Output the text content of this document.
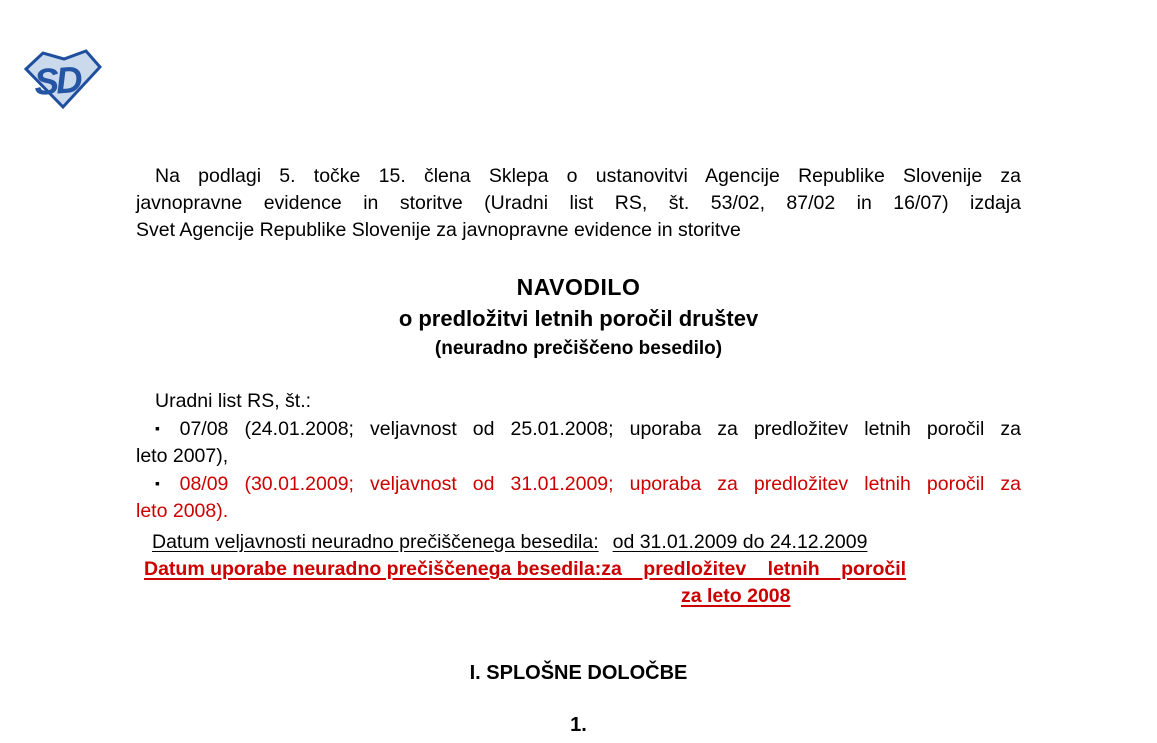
SD
Na podlagi 5. točke 15. člena Sklepa o ustanovitvi Agencije Republike Slovenije za
javnopravne evidence in storitve (Uradni list RS, št. 53/02, 87/02 in 16/07) izdaja
Svet Agencije Republike Slovenije za javnopravne evidence in storitve
NAVODILO
o predložitvi letnih poročil društev
(neuradno prečiščeno besedilo)
Uradni list RS, št.:
▪ 07/08 (24.01.2008; veljavnost od 25.01.2008; uporaba za predložitev letnih poročil za
leto 2007),
▪ 08/09 (30.01.2009; veljavnost od 31.01.2009; uporaba za predložitev letnih poročil za
leto 2008).
Datum veljavnosti neuradno prečiščenega besedila: od 31.01.2009 do 24.12.2009
Datum uporabe neuradno prečiščenega besedila:za predložitev letnih poročil
za leto 2008
I. SPLOŠNE DOLOČBE
1.
